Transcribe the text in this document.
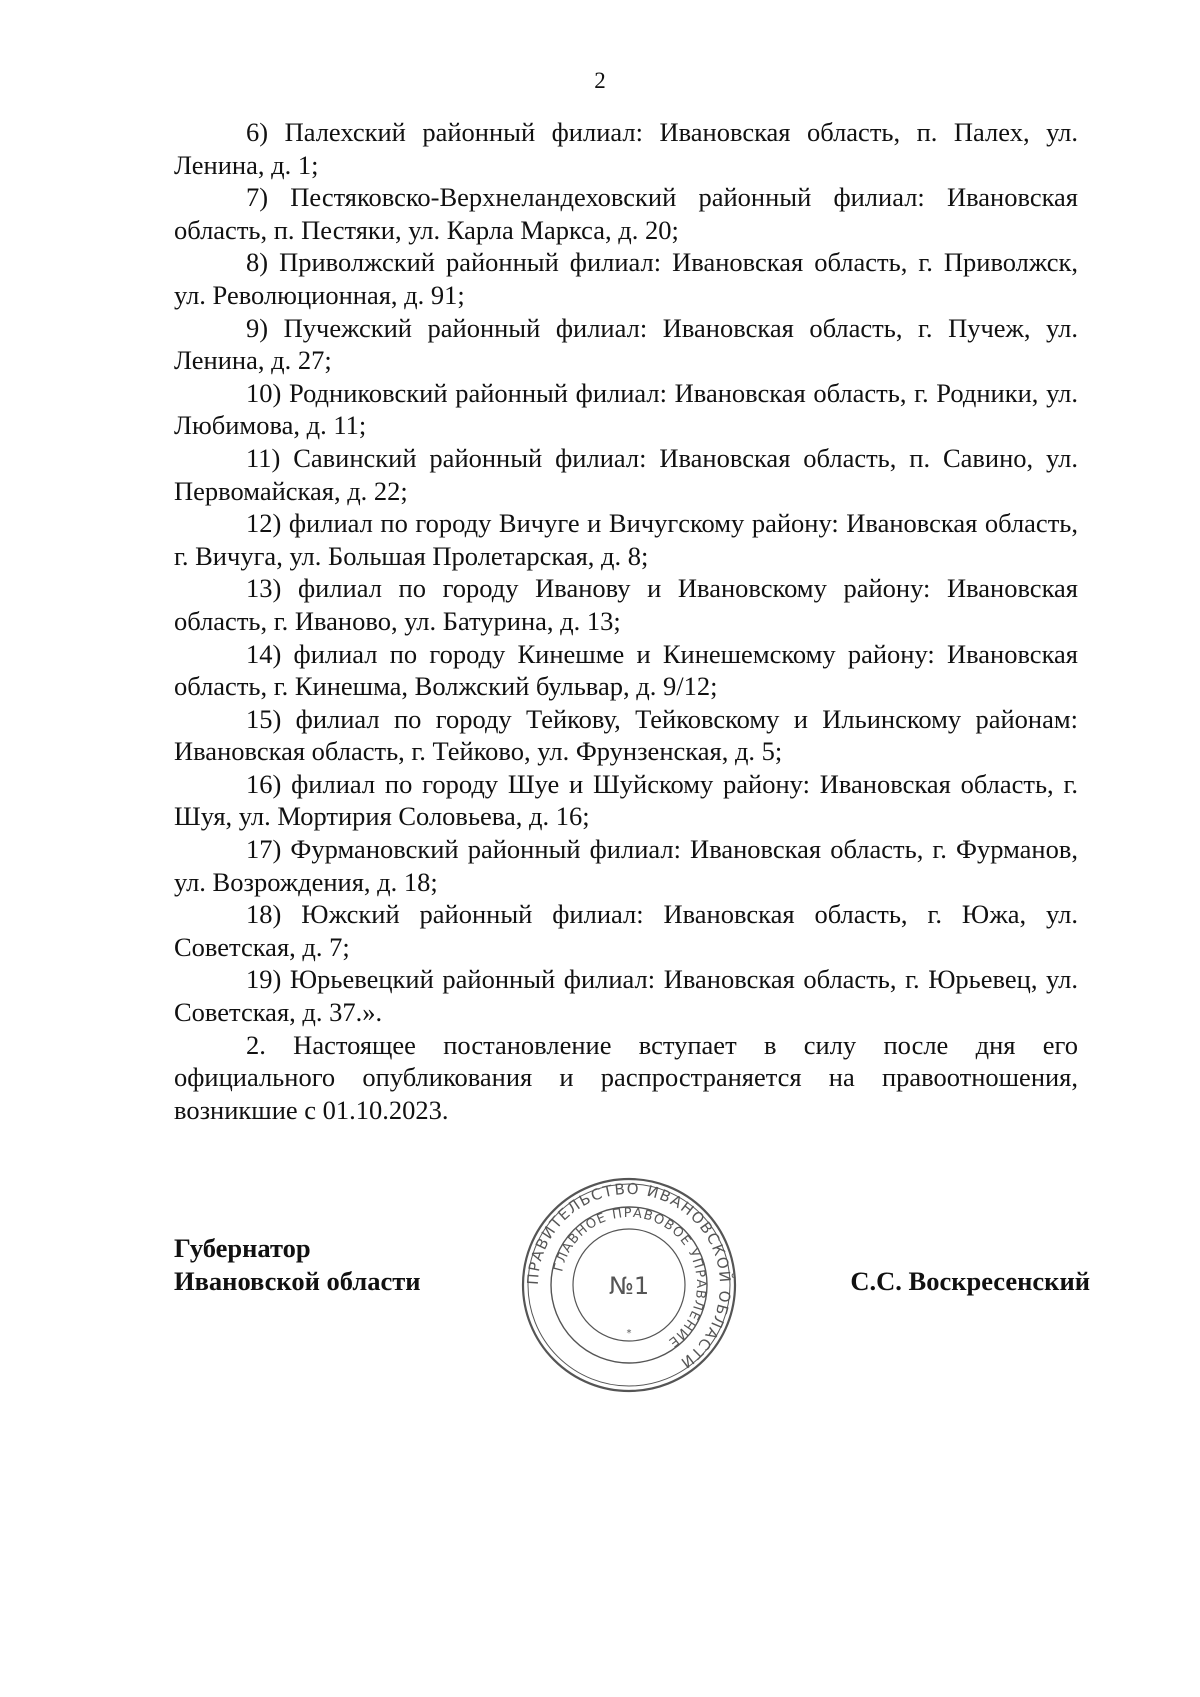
2

6) Палехский районный филиал: Ивановская область, п. Палех, ул. Ленина, д. 1;

7) Пестяковско-Верхнеландеховский районный филиал: Ивановская область, п. Пестяки, ул. Карла Маркса, д. 20;

8) Приволжский районный филиал: Ивановская область, г. Приволжск, ул. Революционная, д. 91;

9) Пучежский районный филиал: Ивановская область, г. Пучеж, ул. Ленина, д. 27;

10) Родниковский районный филиал: Ивановская область, г. Родники, ул. Любимова, д. 11;

11) Савинский районный филиал: Ивановская область, п. Савино, ул. Первомайская, д. 22;

12) филиал по городу Вичуге и Вичугскому району: Ивановская область, г. Вичуга, ул. Большая Пролетарская, д. 8;

13) филиал по городу Иванову и Ивановскому району: Ивановская область, г. Иваново, ул. Батурина, д. 13;

14) филиал по городу Кинешме и Кинешемскому району: Ивановская область, г. Кинешма, Волжский бульвар, д. 9/12;

15) филиал по городу Тейкову, Тейковскому и Ильинскому районам: Ивановская область, г. Тейково, ул. Фрунзенская, д. 5;

16) филиал по городу Шуе и Шуйскому району: Ивановская область, г. Шуя, ул. Мортирия Соловьева, д. 16;

17) Фурмановский районный филиал: Ивановская область, г. Фурманов, ул. Возрождения, д. 18;

18) Южский районный филиал: Ивановская область, г. Южа, ул. Советская, д. 7;

19) Юрьевецкий районный филиал: Ивановская область, г. Юрьевец, ул. Советская, д. 37.».

2. Настоящее постановление вступает в силу после дня его официального опубликования и распространяется на правоотношения, возникшие с 01.10.2023.

Губернатор
Ивановской области	ПРАВИТЕЛЬСТВО ИВАНОВСКОЙ ОБЛАСТИ
ГЛАВНОЕ ПРАВОВОЕ УПРАВЛЕНИЕ
№1
*
С.С. Воскресенский
